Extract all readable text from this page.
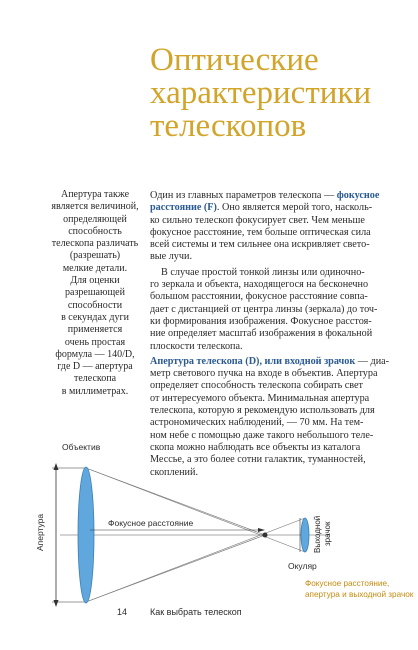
Оптические
характеристики
телескопов
Апертура также
является величиной,
определяющей
способность
телескопа различать
(разрешать)
мелкие детали.
Для оценки
разрешающей
способности
в секундах дуги
применяется
очень простая
формула — 140/D,
где D — апертура
телескопа
в миллиметрах.
Один из главных параметров телескопа — фокусное
расстояние (F). Оно является мерой того, насколь-
ко сильно телескоп фокусирует свет. Чем меньше
фокусное расстояние, тем больше оптическая сила
всей системы и тем сильнее она искривляет свето-
вые лучи.
В случае простой тонкой линзы или одиночно-
го зеркала и объекта, находящегося на бесконечно
большом расстоянии, фокусное расстояние совпа-
дает с дистанцией от центра линзы (зеркала) до точ-
ки формирования изображения. Фокусное расстоя-
ние определяет масштаб изображения в фокальной
плоскости телескопа.
Апертура телескопа (D), или входной зрачок — диа-
метр светового пучка на входе в объектив. Апертура
определяет способность телескопа собирать свет
от интересуемого объекта. Минимальная апертура
телескопа, которую я рекомендую использовать для
астрономических наблюдений, — 70 мм. На тем-
ном небе с помощью даже такого небольшого теле-
скопа можно наблюдать все объекты из каталога
Мессье, а это более сотни галактик, туманностей,
скоплений.
Объектив
Апертура	Фокусное расстояние
Окуляр
Выходной зрачок
Фокусное расстояние,
апертура и выходной зрачок
14	Как выбрать телескоп
